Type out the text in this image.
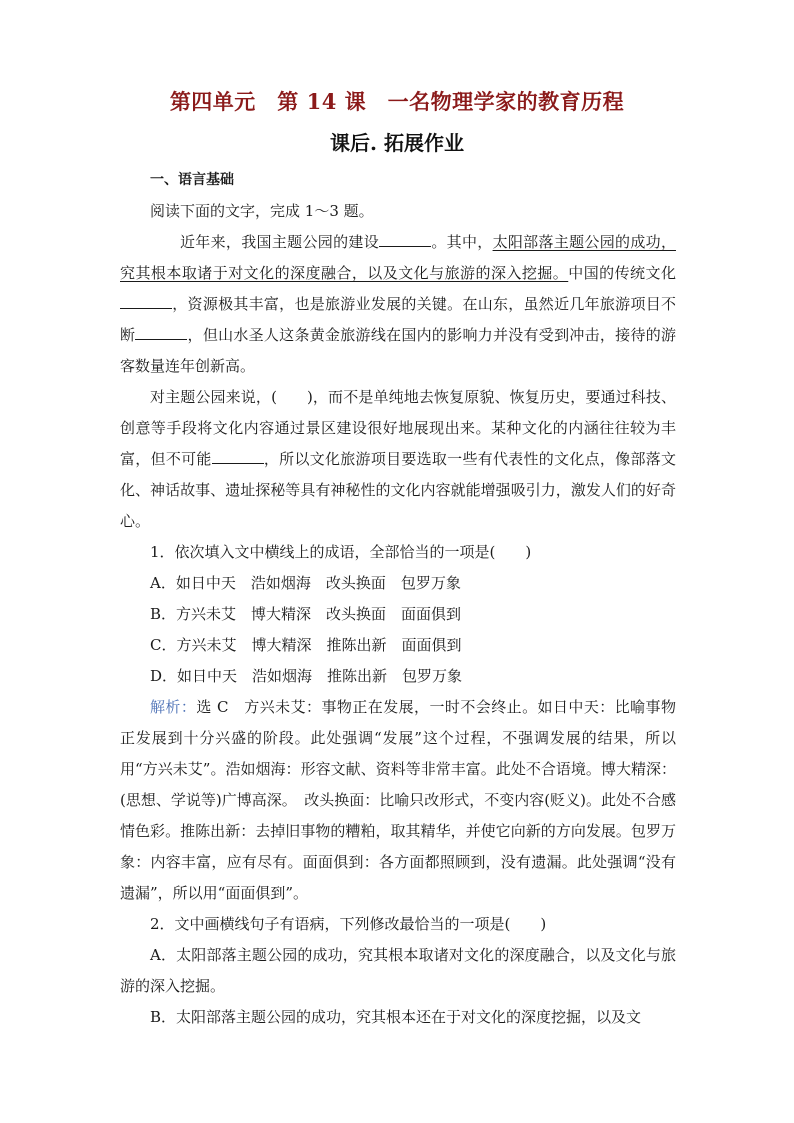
第四单元　第 14 课　一名物理学家的教育历程
课后. 拓展作业

一、语言基础

阅读下面的文字，完成 1～3 题。

近年来，我国主题公园的建设	。其中，太阳部落主题公园的成功，究其根本取诸于对文化的深度融合，以及文化与旅游的深入挖掘。中国的传统文化，资源极其丰富，也是旅游业发展的关键。在山东，虽然近几年旅游项目不断	，但山水圣人这条黄金旅游线在国内的影响力并没有受到冲击，接待的游客数量连年创新高。

对主题公园来说，( )，而不是单纯地去恢复原貌、恢复历史，要通过科技、创意等手段将文化内容通过景区建设很好地展现出来。某种文化的内涵往往较为丰富，但不可能	，所以文化旅游项目要选取一些有代表性的文化点，像部落文化、神话故事、遗址探秘等具有神秘性的文化内容就能增强吸引力，激发人们的好奇心。

1．依次填入文中横线上的成语，全部恰当的一项是( )

A．如日中天　浩如烟海　改头换面　包罗万象

B．方兴未艾　博大精深　改头换面　面面俱到

C．方兴未艾　博大精深　推陈出新　面面俱到

D．如日中天　浩如烟海　推陈出新　包罗万象

解析：选 C　方兴未艾：事物正在发展，一时不会终止。如日中天：比喻事物正发展到十分兴盛的阶段。此处强调“发展”这个过程，不强调发展的结果，所以用“方兴未艾”。浩如烟海：形容文献、资料等非常丰富。此处不合语境。博大精深：(思想、学说等)广博高深。　改头换面：比喻只改形式，不变内容(贬义)。此处不合感情色彩。推陈出新：去掉旧事物的糟粕，取其精华，并使它向新的方向发展。包罗万象：内容丰富，应有尽有。面面俱到：各方面都照顾到，没有遗漏。此处强调“没有遗漏”，所以用“面面俱到”。

2．文中画横线句子有语病，下列修改最恰当的一项是( )

A．太阳部落主题公园的成功，究其根本取诸对文化的深度融合，以及文化与旅游的深入挖掘。

B．太阳部落主题公园的成功，究其根本还在于对文化的深度挖掘，以及文
